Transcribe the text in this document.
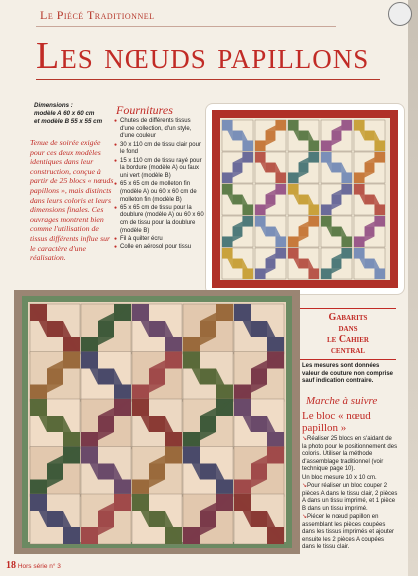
Le Piécé Traditionnel
Les nœuds papillons
Dimensions :
modèle A 60 x 60 cm
et modèle B 55 x 55 cm
Tenue de soirée exigée pour ces deux modèles identiques dans leur construction, conçue à partir de 25 blocs « nœuds papillons », mais distincts dans leurs coloris et leurs dimensions finales. Ces ouvrages montrent bien comme l'utilisation de tissus différents influe sur le caractère d'une réalisation.
Fournitures
● Chutes de différents tissus d'une collection, d'un style, d'une couleur
● 30 x 110 cm de tissu clair pour le fond
● 15 x 110 cm de tissu rayé pour la bordure (modèle A) ou faux uni vert (modèle B)
● 65 x 65 cm de molleton fin (modèle A) ou 60 x 60 cm de molleton fin (modèle B)
● 65 x 65 cm de tissu pour la doublure (modèle A) ou 60 x 60 cm de tissu pour la doublure (modèle B)
● Fil à quilter écru
● Colle en aérosol pour tissu
Gabarits
dans
le Cahier
central
Les mesures sont données valeur de couture non comprise sauf indication contraire.
Marche à suivre
Le bloc « nœud papillon »

↘Réaliser 25 blocs en s'aidant de la photo pour le positionnement des coloris. Utiliser la méthode d'assemblage traditionnel (voir technique page 10).

Un bloc mesure 10 x 10 cm.

↘Pour réaliser un bloc couper 2 pièces A dans le tissu clair, 2 pièces A dans un tissu imprimé, et 1 pièce B dans un tissu imprimé.

↘Piécer le nœud papillon en assemblant les pièces coupées dans les tissus imprimés et ajouter ensuite les 2 pièces A coupées dans le tissu clair.

18 Hors série n° 3
